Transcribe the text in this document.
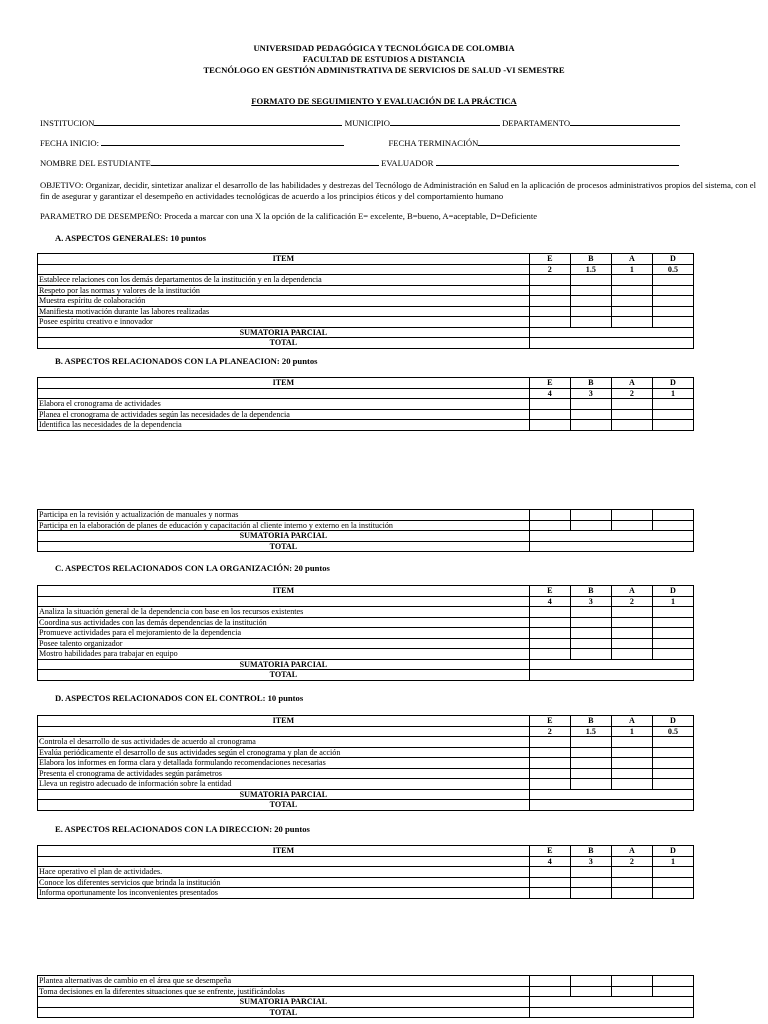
UNIVERSIDAD PEDAGÓGICA Y TECNOLÓGICA DE COLOMBIA
FACULTAD DE ESTUDIOS A DISTANCIA
TECNÓLOGO EN GESTIÓN ADMINISTRATIVA DE SERVICIOS DE SALUD -VI SEMESTRE
FORMATO DE SEGUIMIENTO Y EVALUACIÓN DE LA PRÁCTICA
INSTITUCION	MUNICIPIO	DEPARTAMENTO
FECHA INICIO:	FECHA TERMINACIÓN
NOMBRE DEL ESTUDIANTE	EVALUADOR
OBJETIVO: Organizar, decidir, sintetizar analizar el desarrollo de las habilidades y destrezas del Tecnólogo de Administración en Salud en la aplicación de procesos administrativos propios del sistema, con el fin de asegurar y garantizar el desempeño en actividades tecnológicas de acuerdo a los principios éticos y del comportamiento humano
PARAMETRO DE DESEMPEÑO: Proceda a marcar con una X la opción de la calificación E= excelente, B=bueno, A=aceptable, D=Deficiente
A. ASPECTOS GENERALES: 10 puntos
ITEM	E	B	A	D
	2	1.5	1	0.5
Establece relaciones con los demás departamentos de la institución y en la dependencia				
Respeto por las normas y valores de la institución				
Muestra espíritu de colaboración				
Manifiesta motivación durante las labores realizadas				
Posee espíritu creativo e innovador				
SUMATORIA PARCIAL				
TOTAL				
B. ASPECTOS RELACIONADOS CON LA PLANEACION: 20 puntos
ITEM	E	B	A	D
	4	3	2	1
Elabora el cronograma de actividades				
Planea el cronograma de actividades según las necesidades de la dependencia				
Identifica las necesidades de la dependencia				
Participa en la revisión y actualización de manuales y normas				
Participa en la elaboración de planes de educación y capacitación al cliente interno y externo en la institución				
SUMATORIA PARCIAL				
TOTAL				
C. ASPECTOS RELACIONADOS CON LA ORGANIZACIÓN: 20 puntos
ITEM	E	B	A	D
	4	3	2	1
Analiza la situación general de la dependencia con base en los recursos existentes				
Coordina sus actividades con las demás dependencias de la institución				
Promueve actividades para el mejoramiento de la dependencia				
Posee talento organizador				
Mostro habilidades para trabajar en equipo				
SUMATORIA PARCIAL				
TOTAL				
D. ASPECTOS RELACIONADOS CON EL CONTROL: 10 puntos
ITEM	E	B	A	D
	2	1.5	1	0.5
Controla el desarrollo de sus actividades de acuerdo al cronograma				
Evalúa periódicamente el desarrollo de sus actividades según el cronograma y plan de acción				
Elabora los informes en forma clara y detallada formulando recomendaciones necesarias				
Presenta el cronograma de actividades según parámetros				
Lleva un registro adecuado de información sobre la entidad				
SUMATORIA PARCIAL				
TOTAL				
E. ASPECTOS RELACIONADOS CON LA DIRECCION: 20 puntos
ITEM	E	B	A	D
	4	3	2	1
Hace operativo el plan de actividades.				
Conoce los diferentes servicios que brinda la institución				
Informa oportunamente los inconvenientes presentados				
Plantea alternativas de cambio en el área que se desempeña				
Toma decisiones en la diferentes situaciones que se enfrente, justificándolas				
SUMATORIA PARCIAL				
TOTAL				
